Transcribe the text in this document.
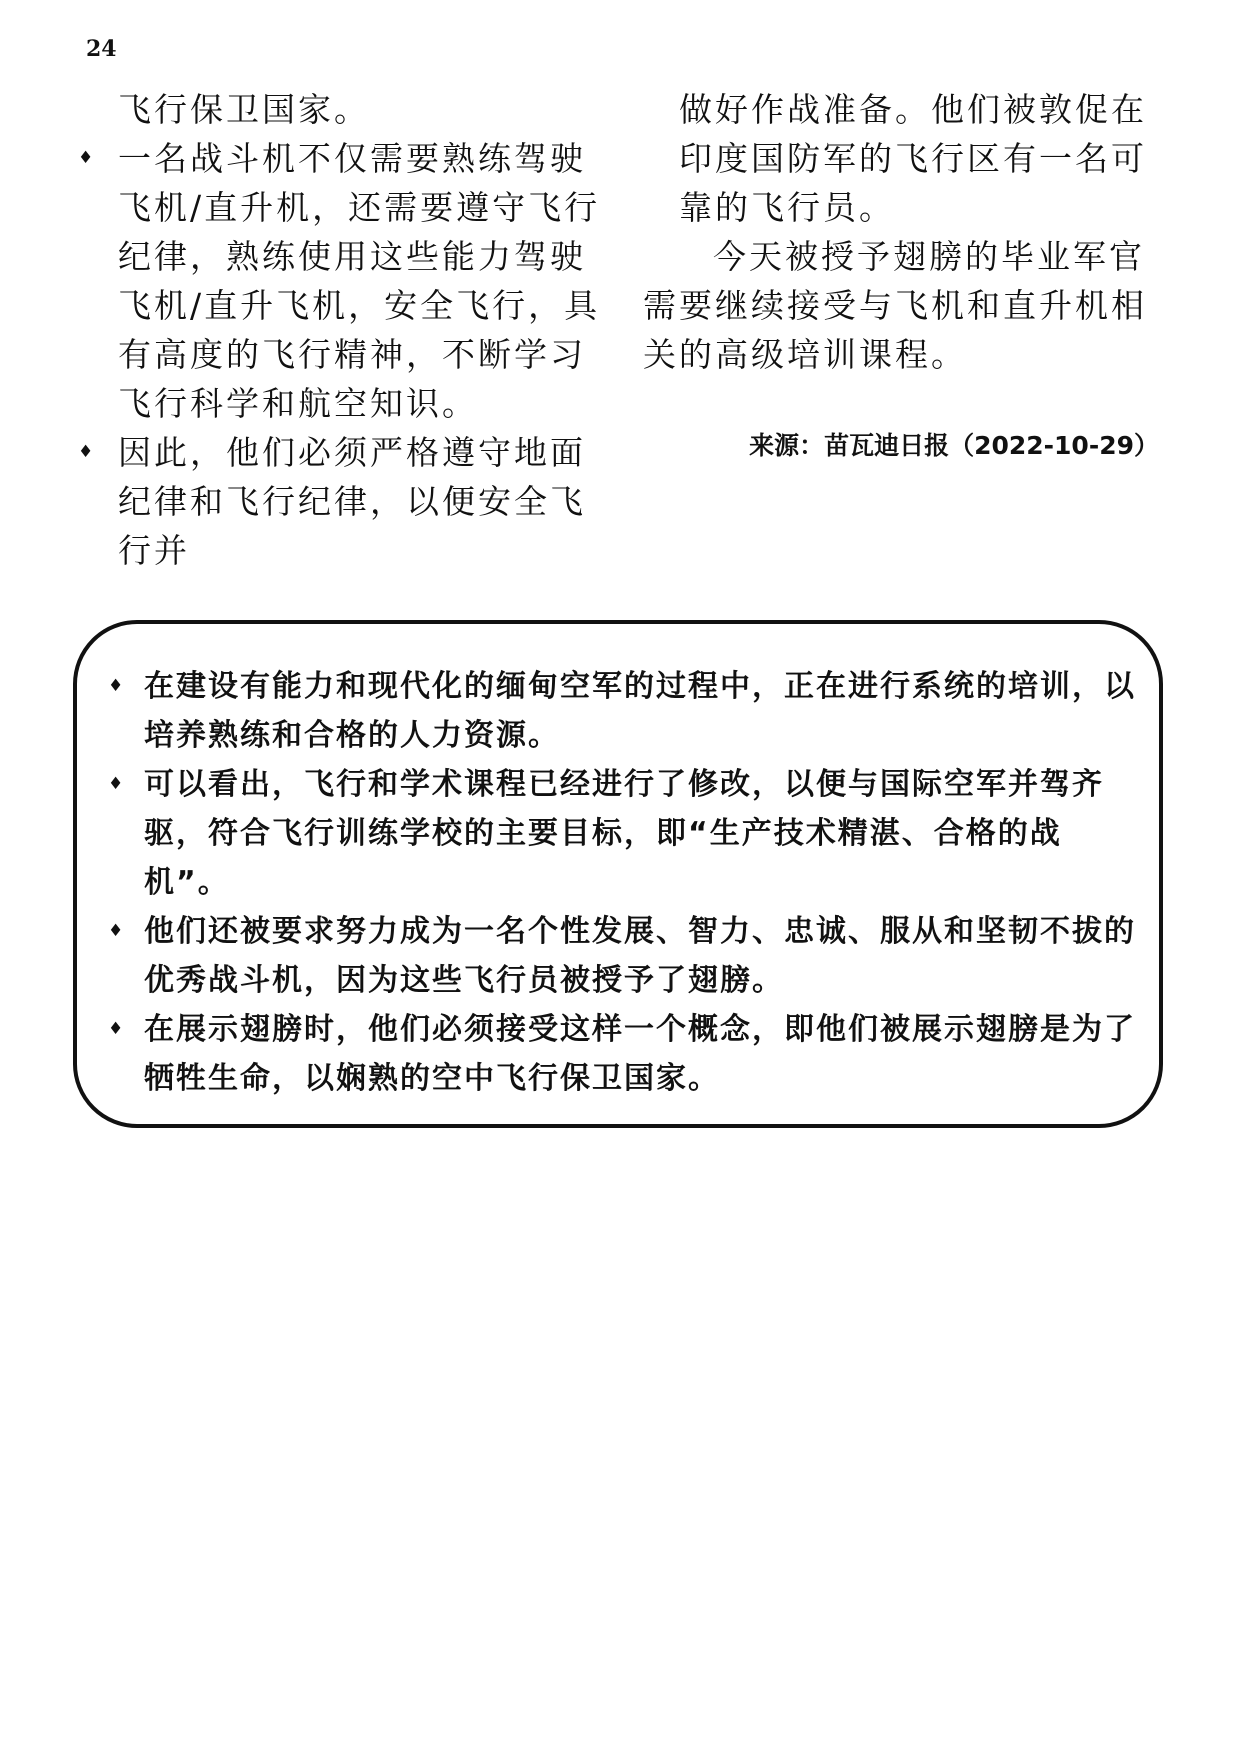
24

飞行保卫国家。

♦ 一名战斗机不仅需要熟练驾驶飞机/直升机，还需要遵守飞行纪律，熟练使用这些能力驾驶飞机/直升飞机，安全飞行，具有高度的飞行精神，不断学习飞行科学和航空知识。
♦ 因此，他们必须严格遵守地面纪律和飞行纪律，以便安全飞行并

做好作战准备。他们被敦促在印度国防军的飞行区有一名可靠的飞行员。

今天被授予翅膀的毕业军官需要继续接受与飞机和直升机相关的高级培训课程。

来源：苗瓦迪日报（2022-10-29）

♦ 在建设有能力和现代化的缅甸空军的过程中，正在进行系统的培训，以培养熟练和合格的人力资源。
♦ 可以看出，飞行和学术课程已经进行了修改，以便与国际空军并驾齐驱，符合飞行训练学校的主要目标，即“生产技术精湛、合格的战机”。
♦ 他们还被要求努力成为一名个性发展、智力、忠诚、服从和坚韧不拔的优秀战斗机，因为这些飞行员被授予了翅膀。
♦ 在展示翅膀时，他们必须接受这样一个概念，即他们被展示翅膀是为了牺牲生命，以娴熟的空中飞行保卫国家。
